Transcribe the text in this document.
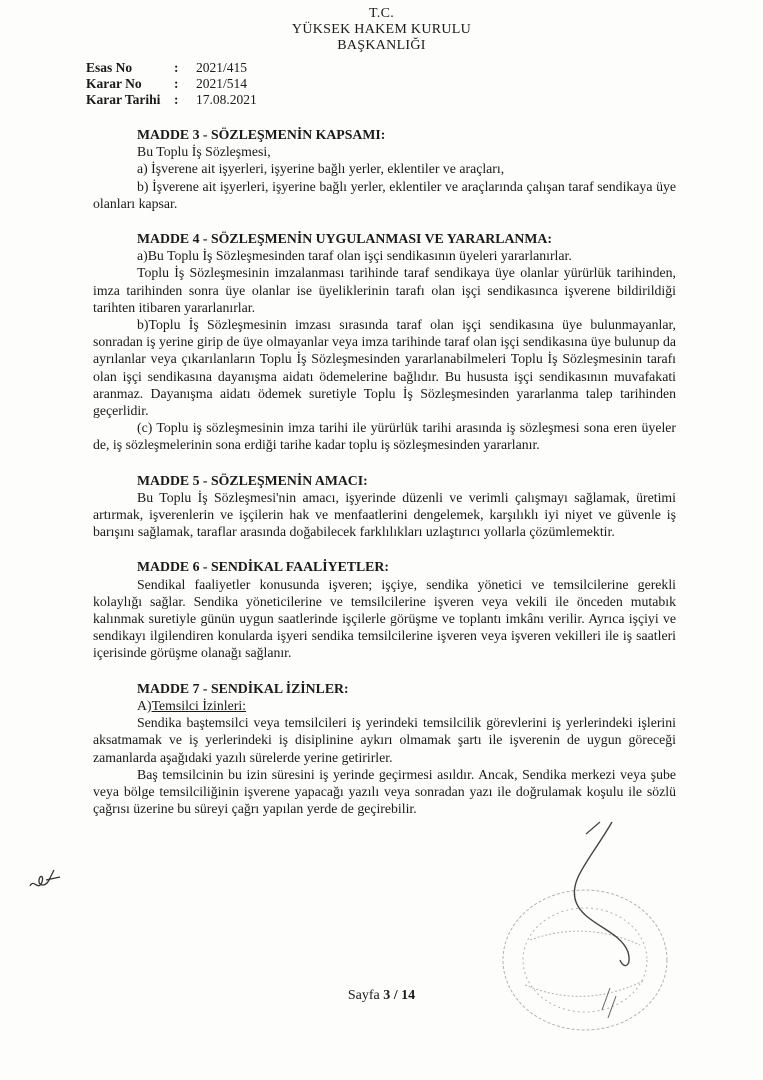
T.C.
YÜKSEK HAKEM KURULU
BAŞKANLIĞI
Esas No	:	2021/415
Karar No	:	2021/514
Karar Tarihi	:	17.08.2021
MADDE 3 - SÖZLEŞMENİN KAPSAMI:

Bu Toplu İş Sözleşmesi,

a) İşverene ait işyerleri, işyerine bağlı yerler, eklentiler ve araçları,

b) İşverene ait işyerleri, işyerine bağlı yerler, eklentiler ve araçlarında çalışan taraf sendikaya üye olanları kapsar.

MADDE 4 - SÖZLEŞMENİN UYGULANMASI VE YARARLANMA:

a)Bu Toplu İş Sözleşmesinden taraf olan işçi sendikasının üyeleri yararlanırlar.

Toplu İş Sözleşmesinin imzalanması tarihinde taraf sendikaya üye olanlar yürürlük tarihinden, imza tarihinden sonra üye olanlar ise üyeliklerinin tarafı olan işçi sendikasınca işverene bildirildiği tarihten itibaren yararlanırlar.

b)Toplu İş Sözleşmesinin imzası sırasında taraf olan işçi sendikasına üye bulunmayanlar, sonradan iş yerine girip de üye olmayanlar veya imza tarihinde taraf olan işçi sendikasına üye bulunup da ayrılanlar veya çıkarılanların Toplu İş Sözleşmesinden yararlanabilmeleri Toplu İş Sözleşmesinin tarafı olan işçi sendikasına dayanışma aidatı ödemelerine bağlıdır. Bu hususta işçi sendikasının muvafakati aranmaz. Dayanışma aidatı ödemek suretiyle Toplu İş Sözleşmesinden yararlanma talep tarihinden geçerlidir.

(c) Toplu iş sözleşmesinin imza tarihi ile yürürlük tarihi arasında iş sözleşmesi sona eren üyeler de, iş sözleşmelerinin sona erdiği tarihe kadar toplu iş sözleşmesinden yararlanır.

MADDE 5 - SÖZLEŞMENİN AMACI:

Bu Toplu İş Sözleşmesi'nin amacı, işyerinde düzenli ve verimli çalışmayı sağlamak, üretimi artırmak, işverenlerin ve işçilerin hak ve menfaatlerini dengelemek, karşılıklı iyi niyet ve güvenle iş barışını sağlamak, taraflar arasında doğabilecek farklılıkları uzlaştırıcı yollarla çözümlemektir.

MADDE 6 - SENDİKAL FAALİYETLER:

Sendikal faaliyetler konusunda işveren; işçiye, sendika yönetici ve temsilcilerine gerekli kolaylığı sağlar. Sendika yöneticilerine ve temsilcilerine işveren veya vekili ile önceden mutabık kalınmak suretiyle günün uygun saatlerinde işçilerle görüşme ve toplantı imkânı verilir. Ayrıca işçiyi ve sendikayı ilgilendiren konularda işyeri sendika temsilcilerine işveren veya işveren vekilleri ile iş saatleri içerisinde görüşme olanağı sağlanır.

MADDE 7 - SENDİKAL İZİNLER:

A)Temsilci İzinleri:

Sendika baştemsilci veya temsilcileri iş yerindeki temsilcilik görevlerini iş yerlerindeki işlerini aksatmamak ve iş yerlerindeki iş disiplinine aykırı olmamak şartı ile işverenin de uygun göreceği zamanlarda aşağıdaki yazılı sürelerde yerine getirirler.

Baş temsilcinin bu izin süresini iş yerinde geçirmesi asıldır. Ancak, Sendika merkezi veya şube veya bölge temsilciliğinin işverene yapacağı yazılı veya sonradan yazı ile doğrulamak koşulu ile sözlü çağrısı üzerine bu süreyi çağrı yapılan yerde de geçirebilir.

Sayfa 3 / 14
